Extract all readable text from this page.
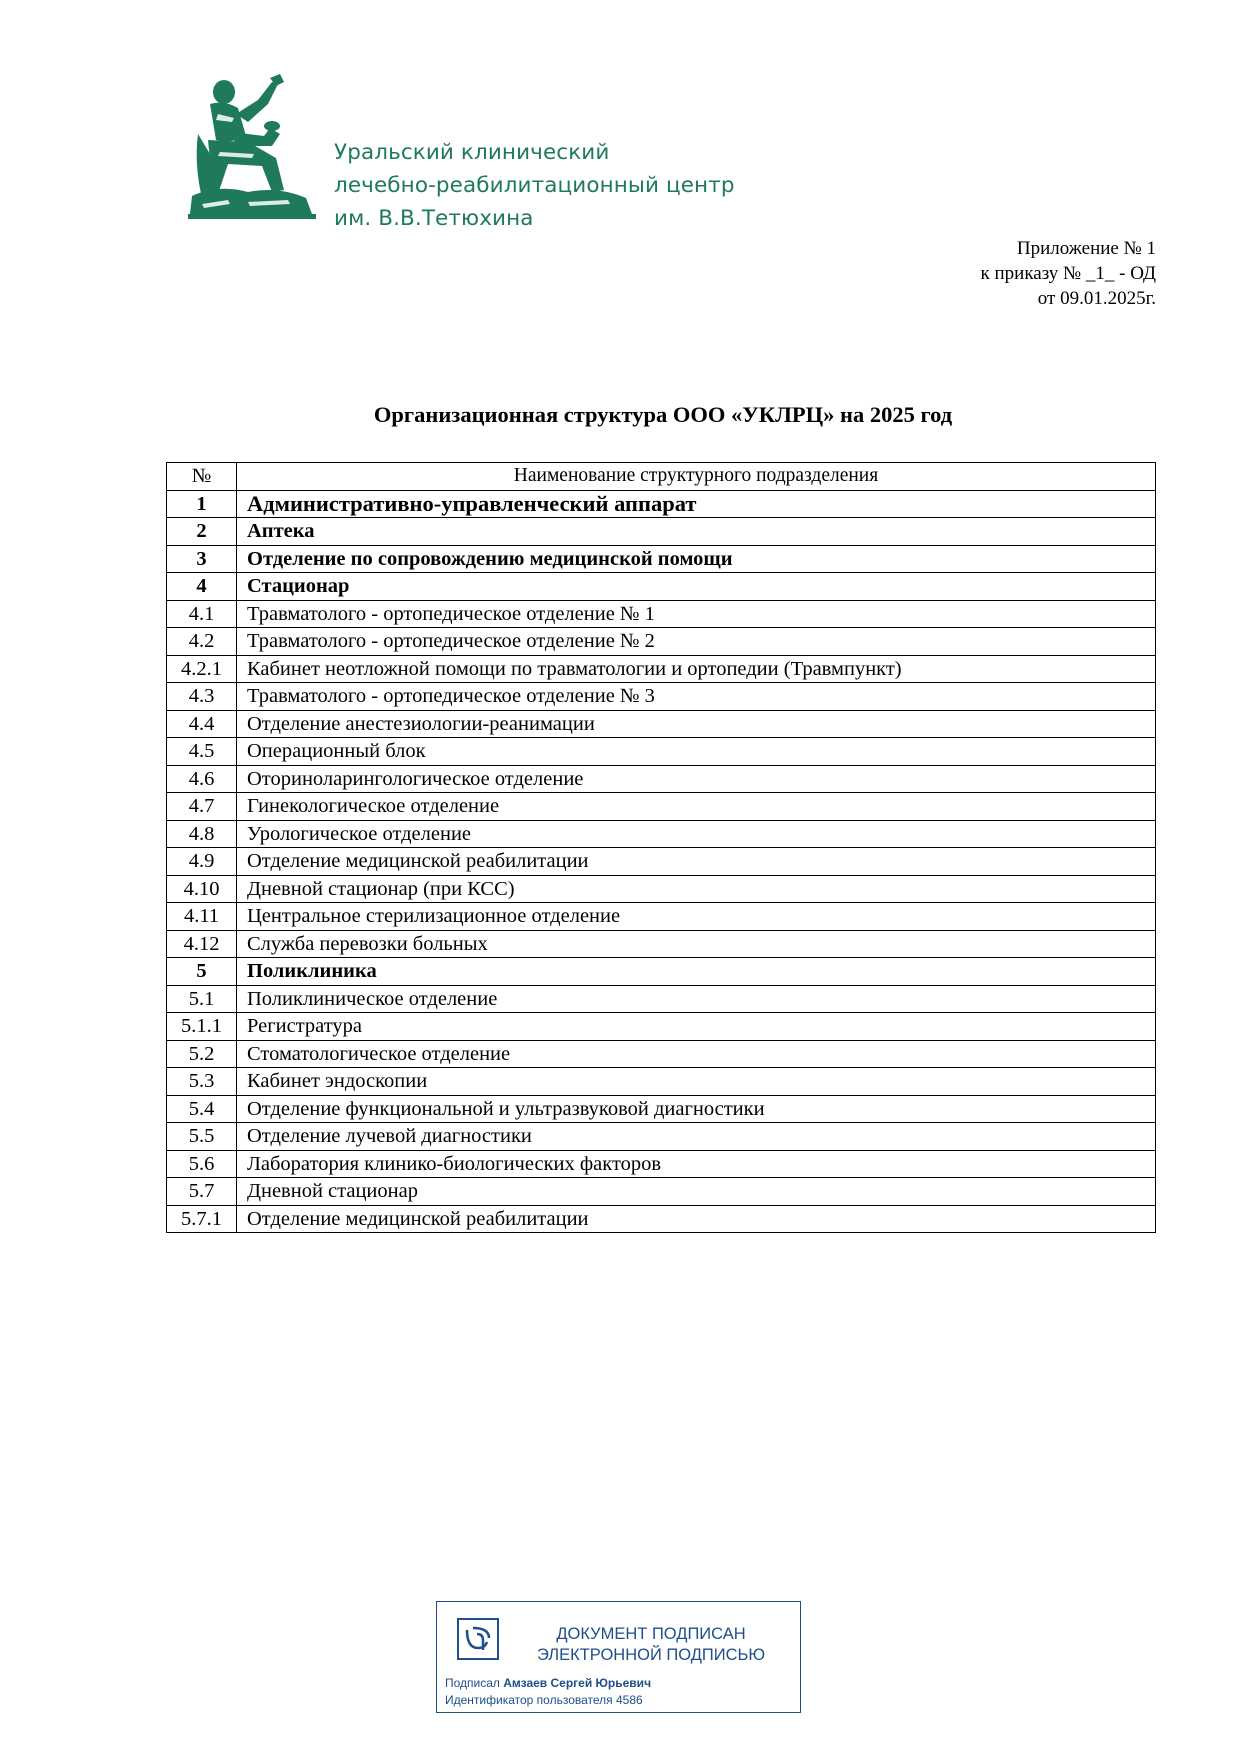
Уральский клинический
лечебно-реабилитационный центр
им. В.В.Тетюхина
Приложение № 1
к приказу № _1_ - ОД
от 09.01.2025г.
Организационная структура ООО «УКЛРЦ» на 2025 год
№	Наименование структурного подразделения
1	Административно-управленческий аппарат
2	Аптека
3	Отделение по сопровождению медицинской помощи
4	Стационар
4.1	Травматолого - ортопедическое отделение № 1
4.2	Травматолого - ортопедическое отделение № 2
4.2.1	Кабинет неотложной помощи по травматологии и ортопедии (Травмпункт)
4.3	Травматолого - ортопедическое отделение № 3
4.4	Отделение анестезиологии-реанимации
4.5	Операционный блок
4.6	Оториноларингологическое отделение
4.7	Гинекологическое отделение
4.8	Урологическое отделение
4.9	Отделение медицинской реабилитации
4.10	Дневной стационар (при КСС)
4.11	Центральное стерилизационное отделение
4.12	Служба перевозки больных
5	Поликлиника
5.1	Поликлиническое отделение
5.1.1	Регистратура
5.2	Стоматологическое отделение
5.3	Кабинет эндоскопии
5.4	Отделение функциональной и ультразвуковой диагностики
5.5	Отделение лучевой диагностики
5.6	Лаборатория клинико-биологических факторов
5.7	Дневной стационар
5.7.1	Отделение медицинской реабилитации
ДОКУМЕНТ ПОДПИСАН
ЭЛЕКТРОННОЙ ПОДПИСЬЮ
Подписал Амзаев Сергей Юрьевич
Идентификатор пользователя 4586
